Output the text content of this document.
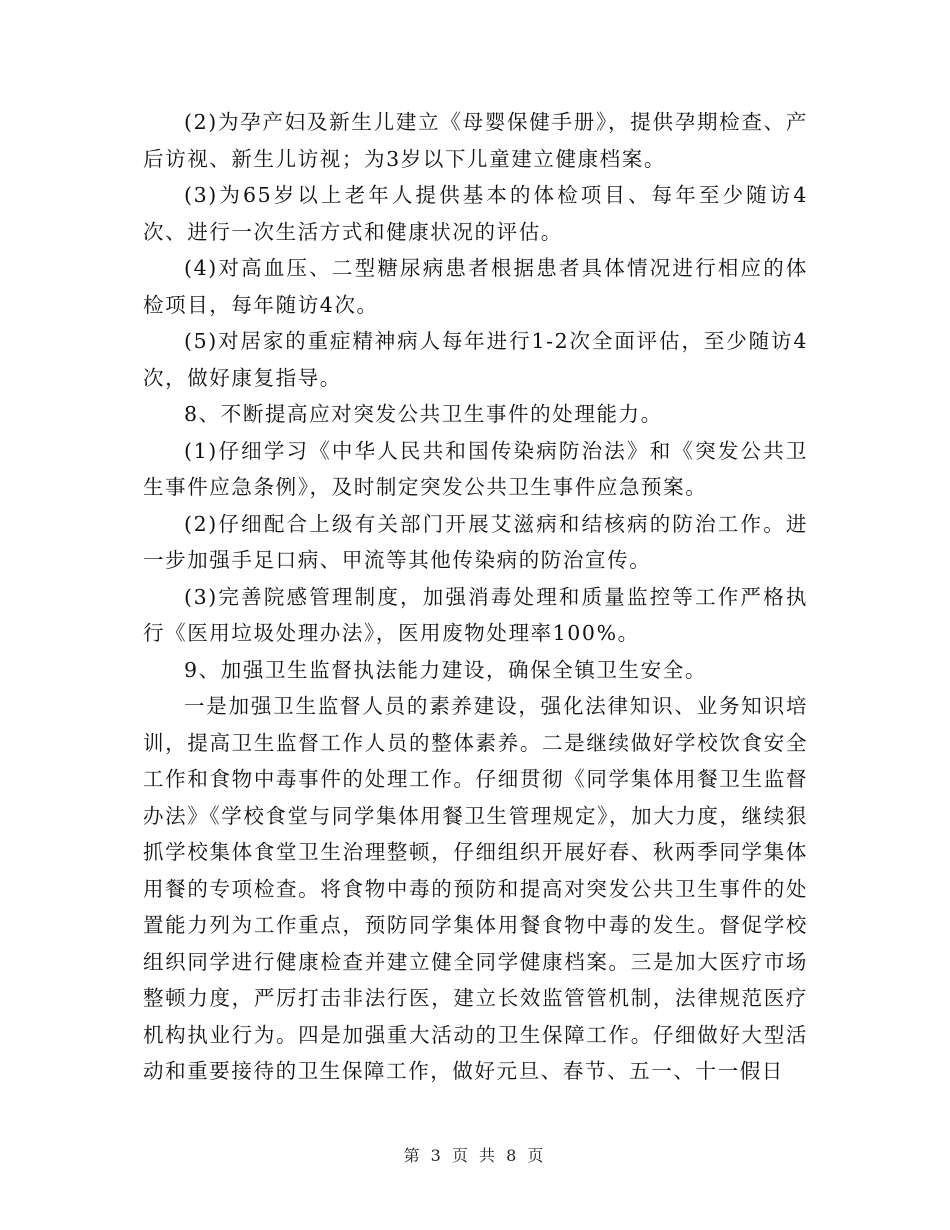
(2)为孕产妇及新生儿建立《母婴保健手册》，提供孕期检查、产后访视、新生儿访视；为3岁以下儿童建立健康档案。

(3)为65岁以上老年人提供基本的体检项目、每年至少随访4次、进行一次生活方式和健康状况的评估。

(4)对高血压、二型糖尿病患者根据患者具体情况进行相应的体检项目，每年随访4次。

(5)对居家的重症精神病人每年进行1-2次全面评估，至少随访4次，做好康复指导。

8、不断提高应对突发公共卫生事件的处理能力。

(1)仔细学习《中华人民共和国传染病防治法》和《突发公共卫生事件应急条例》，及时制定突发公共卫生事件应急预案。

(2)仔细配合上级有关部门开展艾滋病和结核病的防治工作。进一步加强手足口病、甲流等其他传染病的防治宣传。

(3)完善院感管理制度，加强消毒处理和质量监控等工作严格执行《医用垃圾处理办法》，医用废物处理率100%。

9、加强卫生监督执法能力建设，确保全镇卫生安全。

一是加强卫生监督人员的素养建设，强化法律知识、业务知识培训，提高卫生监督工作人员的整体素养。二是继续做好学校饮食安全工作和食物中毒事件的处理工作。仔细贯彻《同学集体用餐卫生监督办法》《学校食堂与同学集体用餐卫生管理规定》，加大力度，继续狠抓学校集体食堂卫生治理整顿，仔细组织开展好春、秋两季同学集体用餐的专项检查。将食物中毒的预防和提高对突发公共卫生事件的处置能力列为工作重点，预防同学集体用餐食物中毒的发生。督促学校组织同学进行健康检查并建立健全同学健康档案。三是加大医疗市场整顿力度，严厉打击非法行医，建立长效监管管机制，法律规范医疗机构执业行为。四是加强重大活动的卫生保障工作。仔细做好大型活动和重要接待的卫生保障工作，做好元旦、春节、五一、十一假日

第 3 页 共 8 页
